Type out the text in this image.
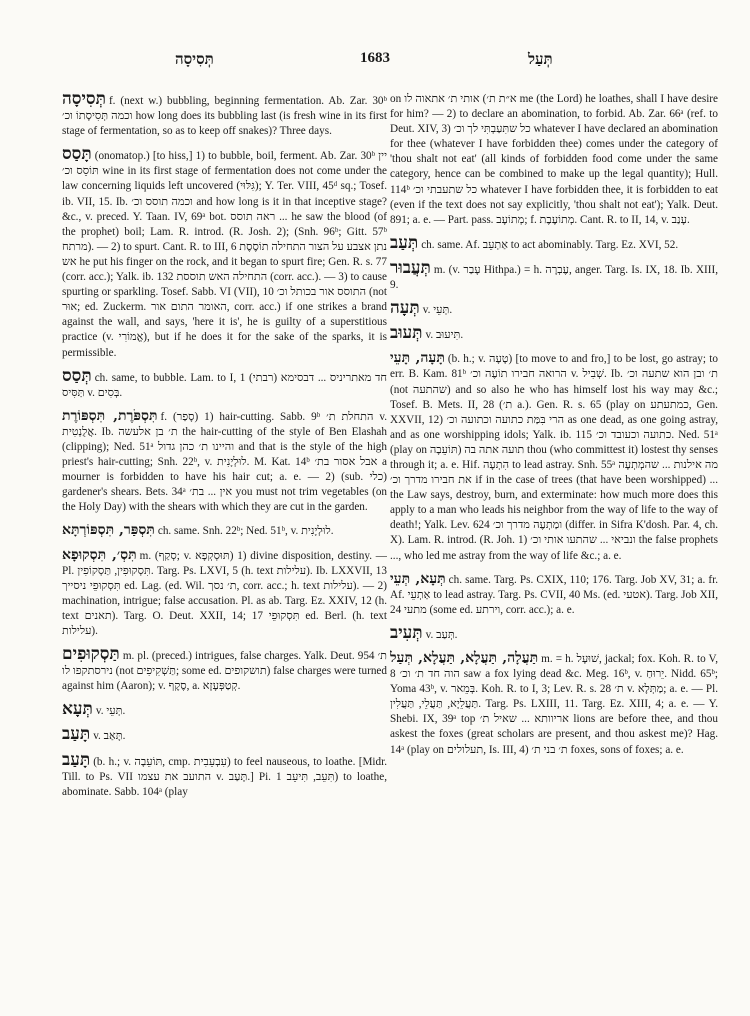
תְּסִיסָה	1683	תְּעַל

תְּסִיסָה f. (next w.) bubbling, beginning fermentation. Ab. Zar. 30ᵇ וכמה תְּסִיסָתוֹ וכ׳ how long does its bubbling last (is fresh wine in its first stage of fermentation, so as to keep off snakes)? Three days.

תָּסַס (onomatop.) [to hiss,] 1) to bubble, boil, ferment. Ab. Zar. 30ᵇ יין תּוֹסֵס וכ׳ wine in its first stage of fermentation does not come under the law concerning liquids left uncovered (גִּלּוּי); Y. Ter. VIII, 45ᵈ sq.; Tosef. ib. VII, 15. Ib. וכמה תוסס וכ׳ and how long is it in that inceptive stage? &c., v. preced. Y. Taan. IV, 69ᵃ bot. ראה תוסס ... he saw the blood (of the prophet) boil; Lam. R. introd. (R. Josh. 2); (Snh. 96ᵇ; Gitt. 57ᵇ מרתח). — 2) to spurt. Cant. R. to III, 6 נתן אצבע על הצור התחילה תוֹסֶסֶת אש he put his finger on the rock, and it began to spurt fire; Gen. R. s. 77 (corr. acc.); Yalk. ib. 132 התחילה האש תוססת (corr. acc.). — 3) to cause spurting or sparkling. Tosef. Sabb. VI (VII), 10 התוסס אור בכותל וכ׳ (not אוּר; ed. Zuckerm. האומר התום אור, corr. acc.) if one strikes a brand against the wall, and says, 'here it is', he is guilty of a superstitious practice (v. אֱמוֹרִי), but if he does it for the sake of the sparks, it is permissible.

תְּסַס ch. same, to bubble. Lam. to I, 1 (רבתי) חד מאתריניס ... דבסימא תַּסִּיס v. בְּסִים.

תִּסְפֹּרֶת, תִּסְפּוֹרֶת f. (סָפַר) 1) hair-cutting. Sabb. 9ᵇ התחלת ת׳ v. אֲלֻנְטִית. Ib. ת׳ בן אלעשה the hair-cutting of the style of Ben Elashah (clipping); Ned. 51ᵃ והיינו ת׳ כהן גדול and that is the style of the high priest's hair-cutting; Snh. 22ᵇ, v. לוּלְיָנִית. M. Kat. 14ᵇ אבל אסור בת׳ a mourner is forbidden to have his hair cut; a. e. — 2) (sub. כלי) gardener's shears. Bets. 34ᵃ אין ... בת׳ you must not trim vegetables (on the Holy Day) with the shears with which they are cut in the garden.

תִּסְפַּר, תִּסְפּוֹרְתָּא ch. same. Snh. 22ᵇ; Ned. 51ᵇ, v. לוּלְיָנִית.

תִּסְ׳, תִּסְקוּפָא m. (סְקַף; v. תּוּסְקְפָא) 1) divine disposition, destiny. — Pl. תִּסְקוּפִין, תַּסְקוֹפִין. Targ. Ps. LXVI, 5 (h. text עלילות). Ib. LXXVII, 13 תִּסְקוּפֵי ניסייך ed. Lag. (ed. Wil. ת׳ נסך, corr. acc.; h. text עלילות). — 2) machination, intrigue; false accusation. Pl. as ab. Targ. Ez. XXIV, 12 (h. text תאנים). Targ. O. Deut. XXII, 14; 17 תִּסְקוּפֵי ed. Berl. (h. text עלילות).

תַּסְקוּפִים m. pl. (preced.) intrigues, false charges. Yalk. Deut. 954 ת׳ נירסתקפו לו (not תַּשְׁקִיפִים; some ed. תושקופים) false charges were turned against him (Aaron); v. סֶקֶף, a. קְטַפְּעָזָא.

תְּעָא v. תְּעֵי.

תָּעַב v. תָּאַב.

תָּעַב (b. h.; v. תּוֹעֵבָה, cmp. עִבְעֵבִית) to feel nauseous, to loathe. [Midr. Till. to Ps. VII התועב את עצמו v. תָּעַב.] Pi. תִּעֵב, תִּיעֵב 1) to loathe, abominate. Sabb. 104ᵃ (play

on א״ת ת׳) אותי ת׳ אתאוה לו me (the Lord) he loathes, shall I have desire for him? — 2) to declare an abomination, to forbid. Ab. Zar. 66ᵃ (ref. to Deut. XIV, 3) כל שתִּעַבְתִּי לך וכ׳ whatever I have declared an abomination for thee (whatever I have forbidden thee) comes under the category of 'thou shalt not eat' (all kinds of forbidden food come under the same category, hence can be combined to make up the legal quantity); Hull. 114ᵇ כל שתעבתי וכ׳ whatever I have forbidden thee, it is forbidden to eat (even if the text does not say explicitly, 'thou shalt not eat'); Yalk. Deut. 891; a. e. — Part. pass. מְתוֹעָב; f. מְתוֹעֶבֶת. Cant. R. to II, 14, v. עָנַב.

תְּעַב ch. same. Af. אַתְעֵב to act abominably. Targ. Ez. XVI, 52.

תְּעֲבוּר m. (v. עָבַר Hithpa.) = h. עֶבְרָה, anger. Targ. Is. IX, 18. Ib. XIII, 9.

תְּעָה v. תְּעֵי.

תְּעוּב v. תִּיעוּב.

תָּעָה, תָּעֵי (b. h.; v. טָעָה) [to move to and fro,] to be lost, go astray; to err. B. Kam. 81ᵇ הרואה חבירו תוֹעֶה וכ׳ v. שְׁבִיל. Ib. ת׳ ובן הוא שתעה וכ׳ (not שהתעה) and so also he who has himself lost his way may &c.; Tosef. B. Mets. II, 28 (ת׳ a.). Gen. R. s. 65 (play on כמתעתע, Gen. XXVII, 12) הרי בִּמַּת כתועה וכתועה וכ׳ as one dead, as one going astray, and as one worshipping idols; Yalk. ib. 115 כתועה וכעובד וכ׳. Ned. 51ᵃ (play on תּוֹעֵבָה) תועה אתה בה thou (who committest it) lostest thy senses through it; a. e. Hif. הִתְעָה to lead astray. Snh. 55ᵃ מה אילנות ... שהמְתְעָה את חבירו מדרך וכ׳ if in the case of trees (that have been worshipped) ... the Law says, destroy, burn, and exterminate: how much more does this apply to a man who leads his neighbor from the way of life to the way of death!; Yalk. Lev. 624 ומַתְעֶה מדרך וכ׳ (differ. in Sifra K'dosh. Par. 4, ch. X). Lam. R. introd. (R. Joh. 1) ונביאי ... שהתעו אותי וכ׳ the false prophets ..., who led me astray from the way of life &c.; a. e.

תְּעָא, תְּעֵי ch. same. Targ. Ps. CXIX, 110; 176. Targ. Job XV, 31; a. fr. Af. אַתְעֵי to lead astray. Targ. Ps. CVII, 40 Ms. (ed. אטעי). Targ. Job XII, 24 מתעי (some ed. וירתע, corr. acc.); a. e.

תְּעִיב v. תְּעַב.

תַּעֲלָה, תַּעֲלָא, תַּעֲלָא, תְּעַל m. = h. שׁוּעָל, jackal; fox. Koh. R. to V, 8 הוה חד ת׳ וכ׳ saw a fox lying dead &c. Meg. 16ᵇ, v. יֵרוּחַ. Nidd. 65ᵇ; Yoma 43ᵇ, v. בְּמֵאר. Koh. R. to I, 3; Lev. R. s. 28 ת׳ v. מַתְּלָא; a. e. — Pl. תַּעֲלֵיָא, תַּעֲלֵי, תַּעֲלִין. Targ. Ps. LXIII, 11. Targ. Ez. XIII, 4; a. e. — Y. Shebi. IX, 39ᵃ top אריוותא ... שאיל ת׳ lions are before thee, and thou askest the foxes (great scholars are present, and thou askest me)? Hag. 14ᵃ (play on תעלולים, Is. III, 4) ת׳ בני ת׳ foxes, sons of foxes; a. e.
